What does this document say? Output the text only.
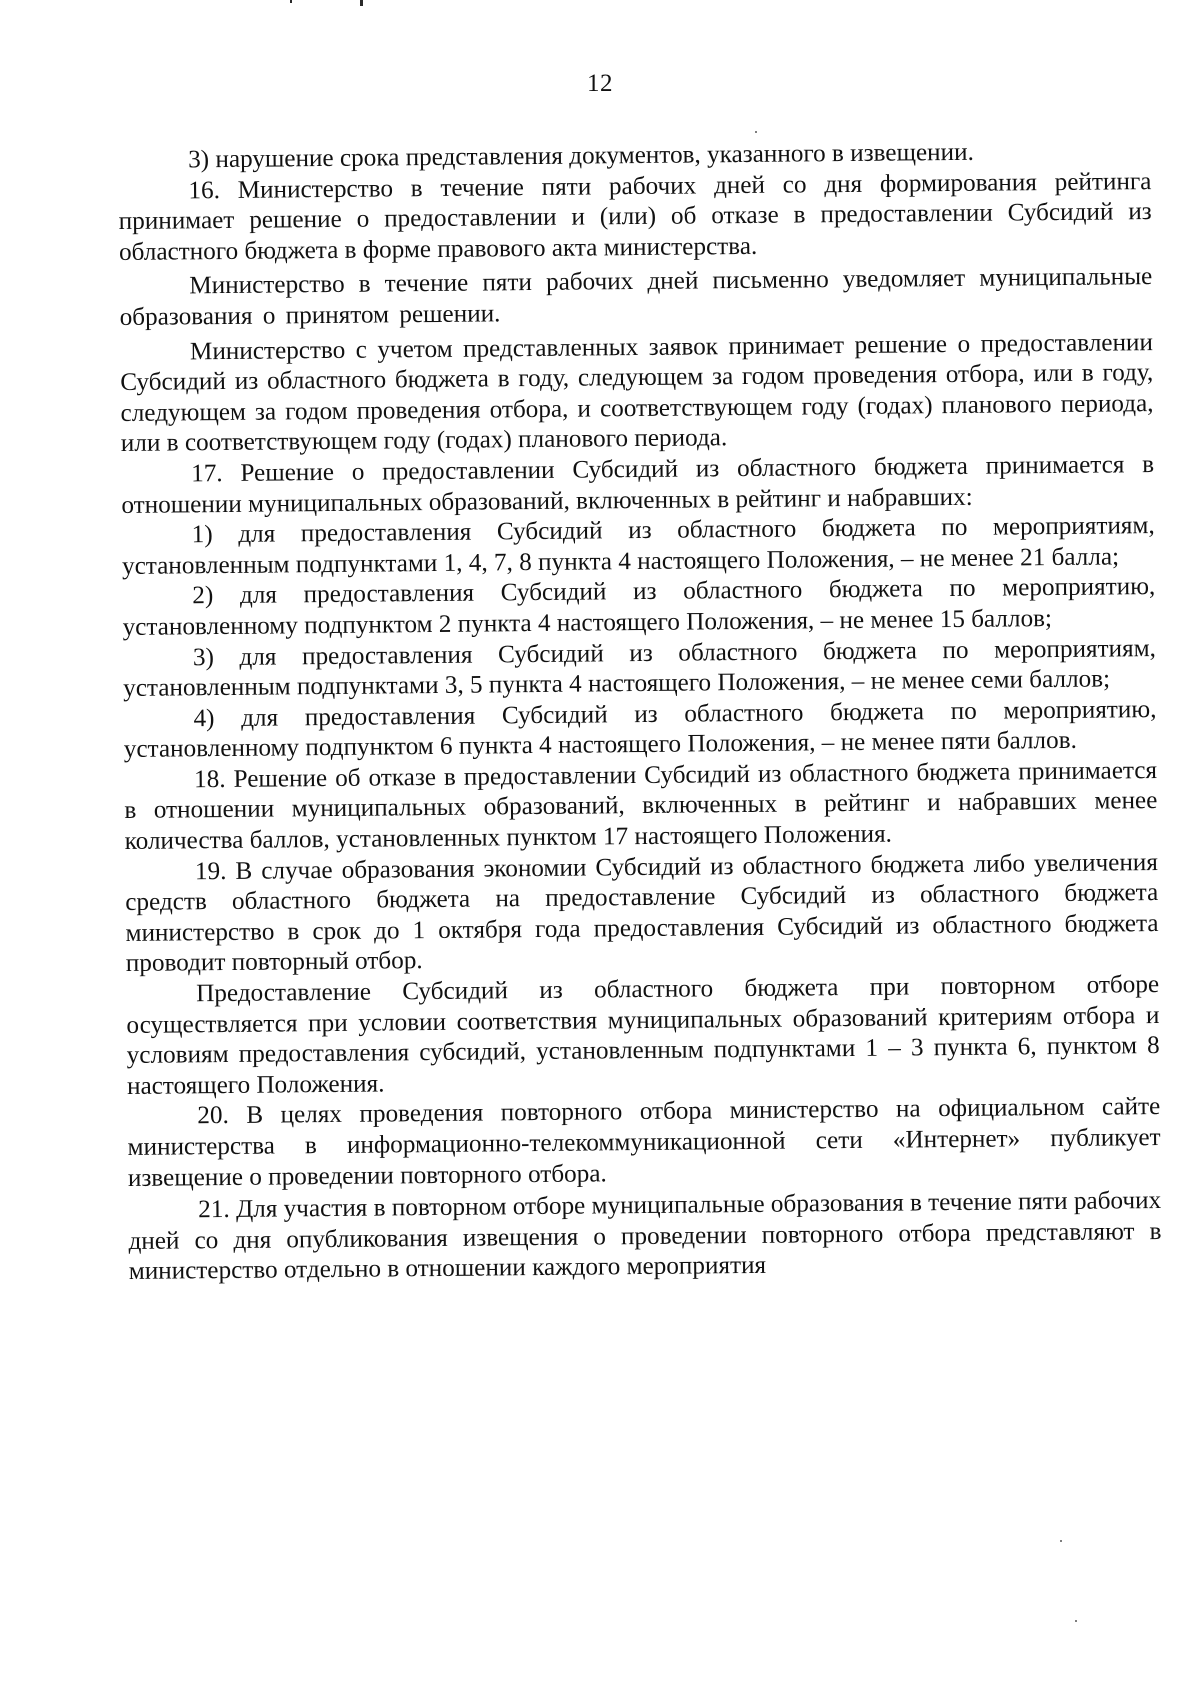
12

3) нарушение срока представления документов, указанного в извещении.

16. Министерство в течение пяти рабочих дней со дня формирования рейтинга принимает решение о предоставлении и (или) об отказе в предоставлении Субсидий из областного бюджета в форме правового акта министерства.

Министерство в течение пяти рабочих дней письменно уведомляет муниципальные образования о принятом решении.

Министерство с учетом представленных заявок принимает решение о предоставлении Субсидий из областного бюджета в году, следующем за годом проведения отбора, или в году, следующем за годом проведения отбора, и соответствующем году (годах) планового периода, или в соответствующем году (годах) планового периода.

17. Решение о предоставлении Субсидий из областного бюджета принимается в отношении муниципальных образований, включенных в рейтинг и набравших:

1) для предоставления Субсидий из областного бюджета по мероприятиям, установленным подпунктами 1, 4, 7, 8 пункта 4 настоящего Положения, – не менее 21 балла;

2) для предоставления Субсидий из областного бюджета по мероприятию, установленному подпунктом 2 пункта 4 настоящего Положения, – не менее 15 баллов;

3) для предоставления Субсидий из областного бюджета по мероприятиям, установленным подпунктами 3, 5 пункта 4 настоящего Положения, – не менее семи баллов;

4) для предоставления Субсидий из областного бюджета по мероприятию, установленному подпунктом 6 пункта 4 настоящего Положения, – не менее пяти баллов.

18. Решение об отказе в предоставлении Субсидий из областного бюджета принимается в отношении муниципальных образований, включенных в рейтинг и набравших менее количества баллов, установленных пунктом 17 настоящего Положения.

19. В случае образования экономии Субсидий из областного бюджета либо увеличения средств областного бюджета на предоставление Субсидий из областного бюджета министерство в срок до 1 октября года предоставления Субсидий из областного бюджета проводит повторный отбор.

Предоставление Субсидий из областного бюджета при повторном отборе осуществляется при условии соответствия муниципальных образований критериям отбора и условиям предоставления субсидий, установленным подпунктами 1 – 3 пункта 6, пунктом 8 настоящего Положения.

20. В целях проведения повторного отбора министерство на официальном сайте министерства в информационно-телекоммуникационной сети «Интернет» публикует извещение о проведении повторного отбора.

21. Для участия в повторном отборе муниципальные образования в течение пяти рабочих дней со дня опубликования извещения о проведении повторного отбора представляют в министерство отдельно в отношении каждого мероприятия
